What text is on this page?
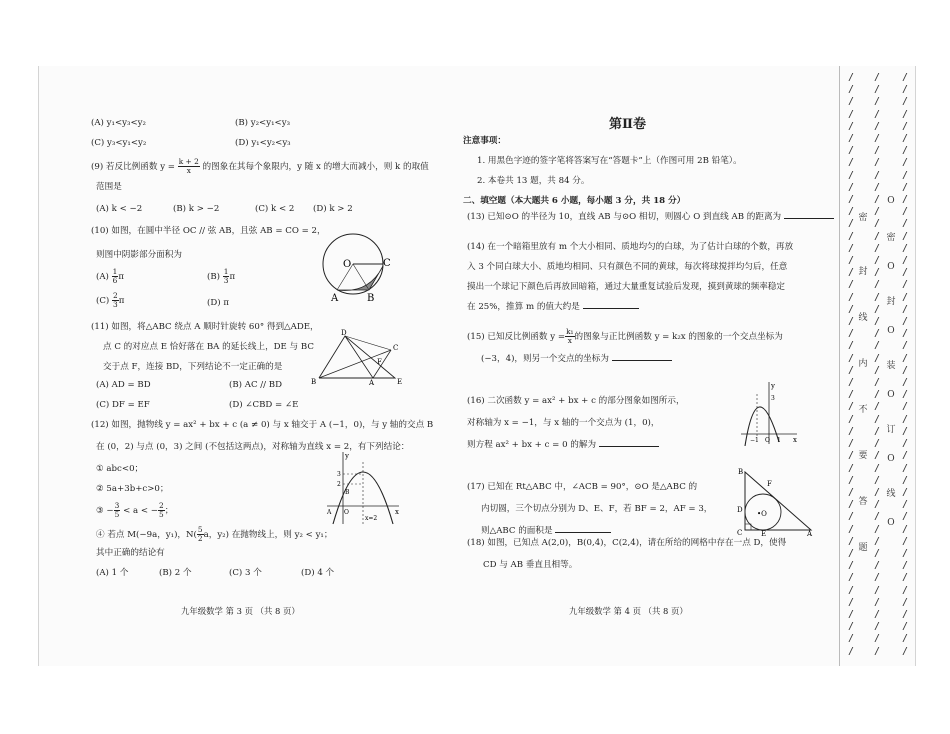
(A) y₁<y₃<y₂	(B) y₂<y₁<y₃
(C) y₃<y₁<y₂	(D) y₁<y₂<y₃
(9) 若反比例函数 $y = \frac{k + 2}{x}$ 的图象在其每个象限内，y 随 x 的增大而减小，则 k 的取值
范围是
(A) k < −2	(B) k > −2	(C) k < 2 (D) k > 2
(10) 如图，在圆中半径 OC // 弦 AB，且弦 AB = CO = 2，
则图中阴影部分面积为
$(A) \frac{1}{6}$ π	$(B) \frac{1}{3}$ π
$(C) \frac{2}{3}$ π	(D) π
O	C
A	B
(11) 如图，将△ABC 绕点 A 顺时针旋转 60° 得到△ADE，
点 C 的对应点 E 恰好落在 BA 的延长线上，DE 与 BC
交于点 F，连接 BD，下列结论不一定正确的是
(A) AD = BD	(B) AC // BD
(C) DF = EF	(D) ∠CBD = ∠E
D
C
F
B	A	E
(12) 如图，抛物线 y = ax² + bx + c (a ≠ 0) 与 x 轴交于 A (−1，0)，与 y 轴的交点 B
在 (0，2) 与点 (0，3) 之间 (不包括这两点)，对称轴为直线 x = 2，有下列结论：
① abc<0；
② 5a+3b+c>0；
③ − $\frac{3}{5} < a$ < − $\frac{2}{5}$ ；
④ 若点 M(−9a，y₁)，$N( \frac{5}{2}$ a，y₂) 在抛物线上，则 y₂ < y₁；
其中正确的结论有
(A) 1 个	(B) 2 个	(C) 3 个	(D) 4 个
y
x
3
2
B
A O
x=2
九年级数学 第 3 页 （共 8 页）
第Ⅱ卷
注意事项：
1. 用黑色字迹的签字笔将答案写在“答题卡”上（作图可用 2B 铅笔）。
2. 本卷共 13 题，共 84 分。
二、填空题（本大题共 6 小题，每小题 3 分，共 18 分）
(13) 已知⊙O 的半径为 10，直线 AB 与⊙O 相切，则圆心 O 到直线 AB 的距离为
(14) 在一个暗箱里放有 m 个大小相同、质地均匀的白球，为了估计白球的个数，再放
入 3 个同白球大小、质地均相同、只有颜色不同的黄球，每次将球搅拌均匀后，任意
摸出一个球记下颜色后再放回暗箱，通过大量重复试验后发现，摸到黄球的频率稳定
在 25%，推算 m 的值大约是
(15) 已知反比例函数 $y = \frac{\text{k₁}}{x}$ 的图象与正比例函数 y = k₂x 的图象的一个交点坐标为
(−3，4)，则另一个交点的坐标为
(16) 二次函数 y = ax² + bx + c 的部分图象如图所示，
对称轴为 x = −1，与 x 轴的一个交点为 (1，0)，
则方程 ax² + bx + c = 0 的解为
y
x
3
−1 O 1
(17) 已知在 Rt△ABC 中，∠ACB = 90°，⊙O 是△ABC 的
内切圆，三个切点分别为 D、E、F，若 BF = 2，AF = 3，
则△ABC 的面积是
B
F
D •O
C	E	A
(18) 如图，已知点 A(2,0)，B(0,4)，C(2,4)，请在所给的网格中存在一点 D，使得
CD 与 AB 垂直且相等。
九年级数学 第 4 页 （共 8 页）
/
/
/
/
/
/
/
/
/
/
/
/
/
/
/
/
/
/
/
/
/
/
/
/
/
/
/
/
/
/
/
/
/
/
/
/
/
/
/
/
/
/
/
/
/
/
/
/
密
封
线
内
不
要
答
题
/
/
/
/
/
/
/
/
/
/
/
/
/
/
/
/
/
/
/
/
/
/
/
/
/
/
/
/
/
/
/
/
/
/
/
/
/
/
/
/
/
/
/
/
/
/
/
/
O
密
O
封
O
装
O
订
O
线
O
/
/
/
/
/
/
/
/
/
/
/
/
/
/
/
/
/
/
/
/
/
/
/
/
/
/
/
/
/
/
/
/
/
/
/
/
/
/
/
/
/
/
/
/
/
/
/
/
